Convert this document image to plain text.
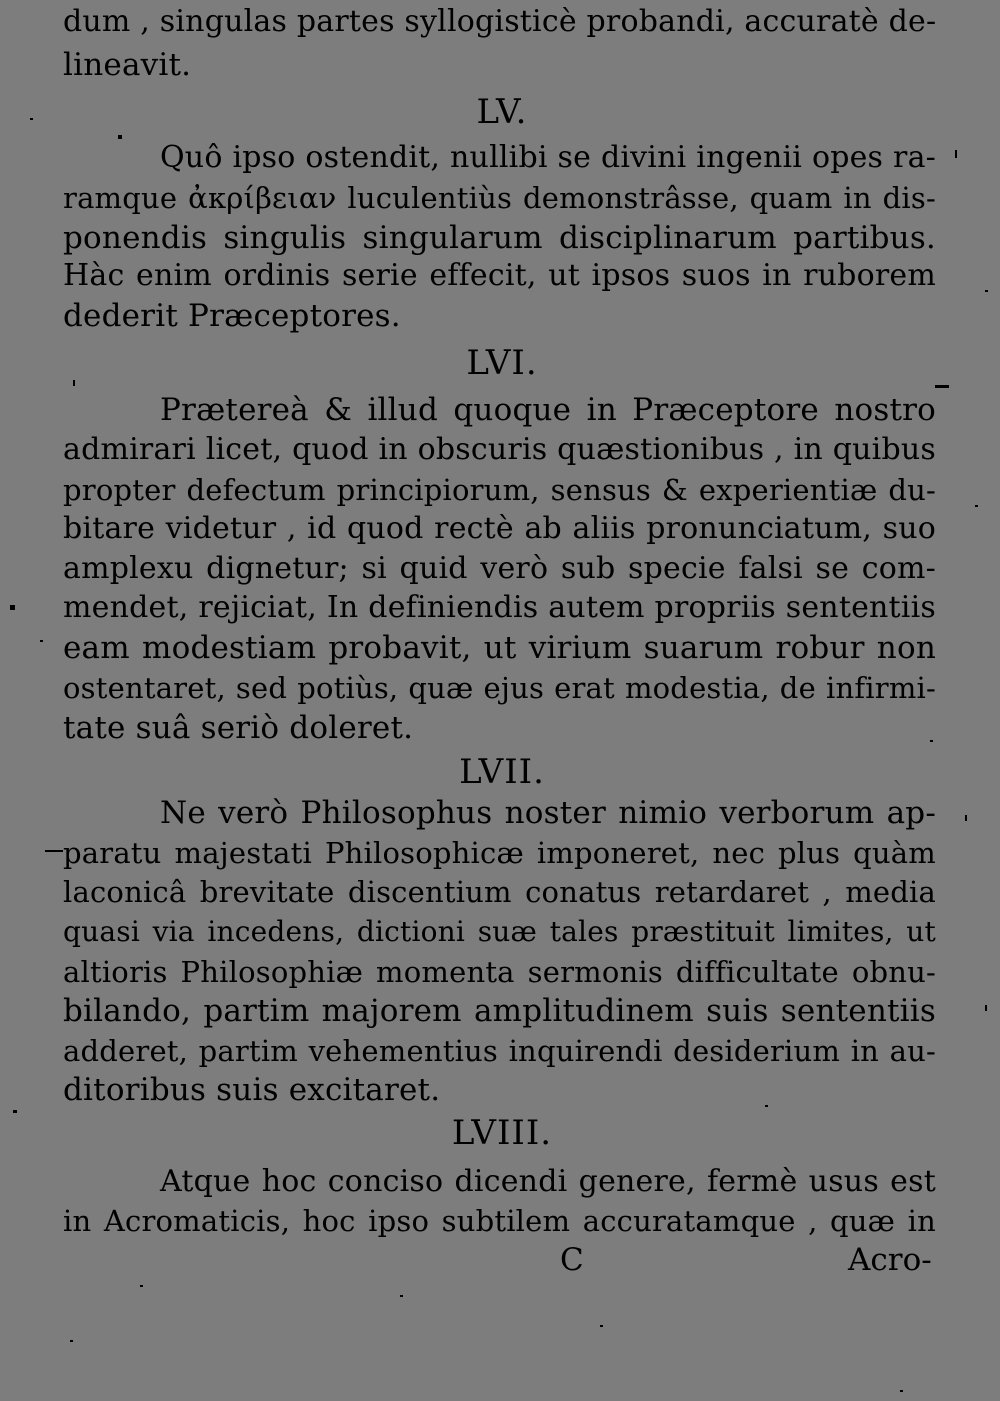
dum , singulas partes syllogisticè probandi, accuratè de-
lineavit.
LV.
Quô ipso ostendit, nullibi se divini ingenii opes ra-
ramque ἀκρίβειαν luculentiùs demonstrâsse, quam in dis-
ponendis singulis singularum disciplinarum partibus.
Hàc enim ordinis serie effecit, ut ipsos suos in ruborem
dederit Præceptores.
LVI.
Prætereà & illud quoque in Præceptore nostro
admirari licet, quod in obscuris quæstionibus , in quibus
propter defectum principiorum, sensus & experientiæ du-
bitare videtur , id quod rectè ab aliis pronunciatum, suo
amplexu dignetur; si quid verò sub specie falsi se com-
mendet, rejiciat, In definiendis autem propriis sententiis
eam modestiam probavit, ut virium suarum robur non
ostentaret, sed potiùs, quæ ejus erat modestia, de infirmi-
tate suâ seriò doleret.
LVII.
Ne verò Philosophus noster nimio verborum ap-
paratu majestati Philosophicæ imponeret, nec plus quàm
laconicâ brevitate discentium conatus retardaret , media
quasi via incedens, dictioni suæ tales præstituit limites, ut
altioris Philosophiæ momenta sermonis difficultate obnu-
bilando, partim majorem amplitudinem suis sententiis
adderet, partim vehementius inquirendi desiderium in au-
ditoribus suis excitaret.
LVIII.
Atque hoc conciso dicendi genere, fermè usus est
in Acromaticis, hoc ipso subtilem accuratamque , quæ in
C	Acro-
